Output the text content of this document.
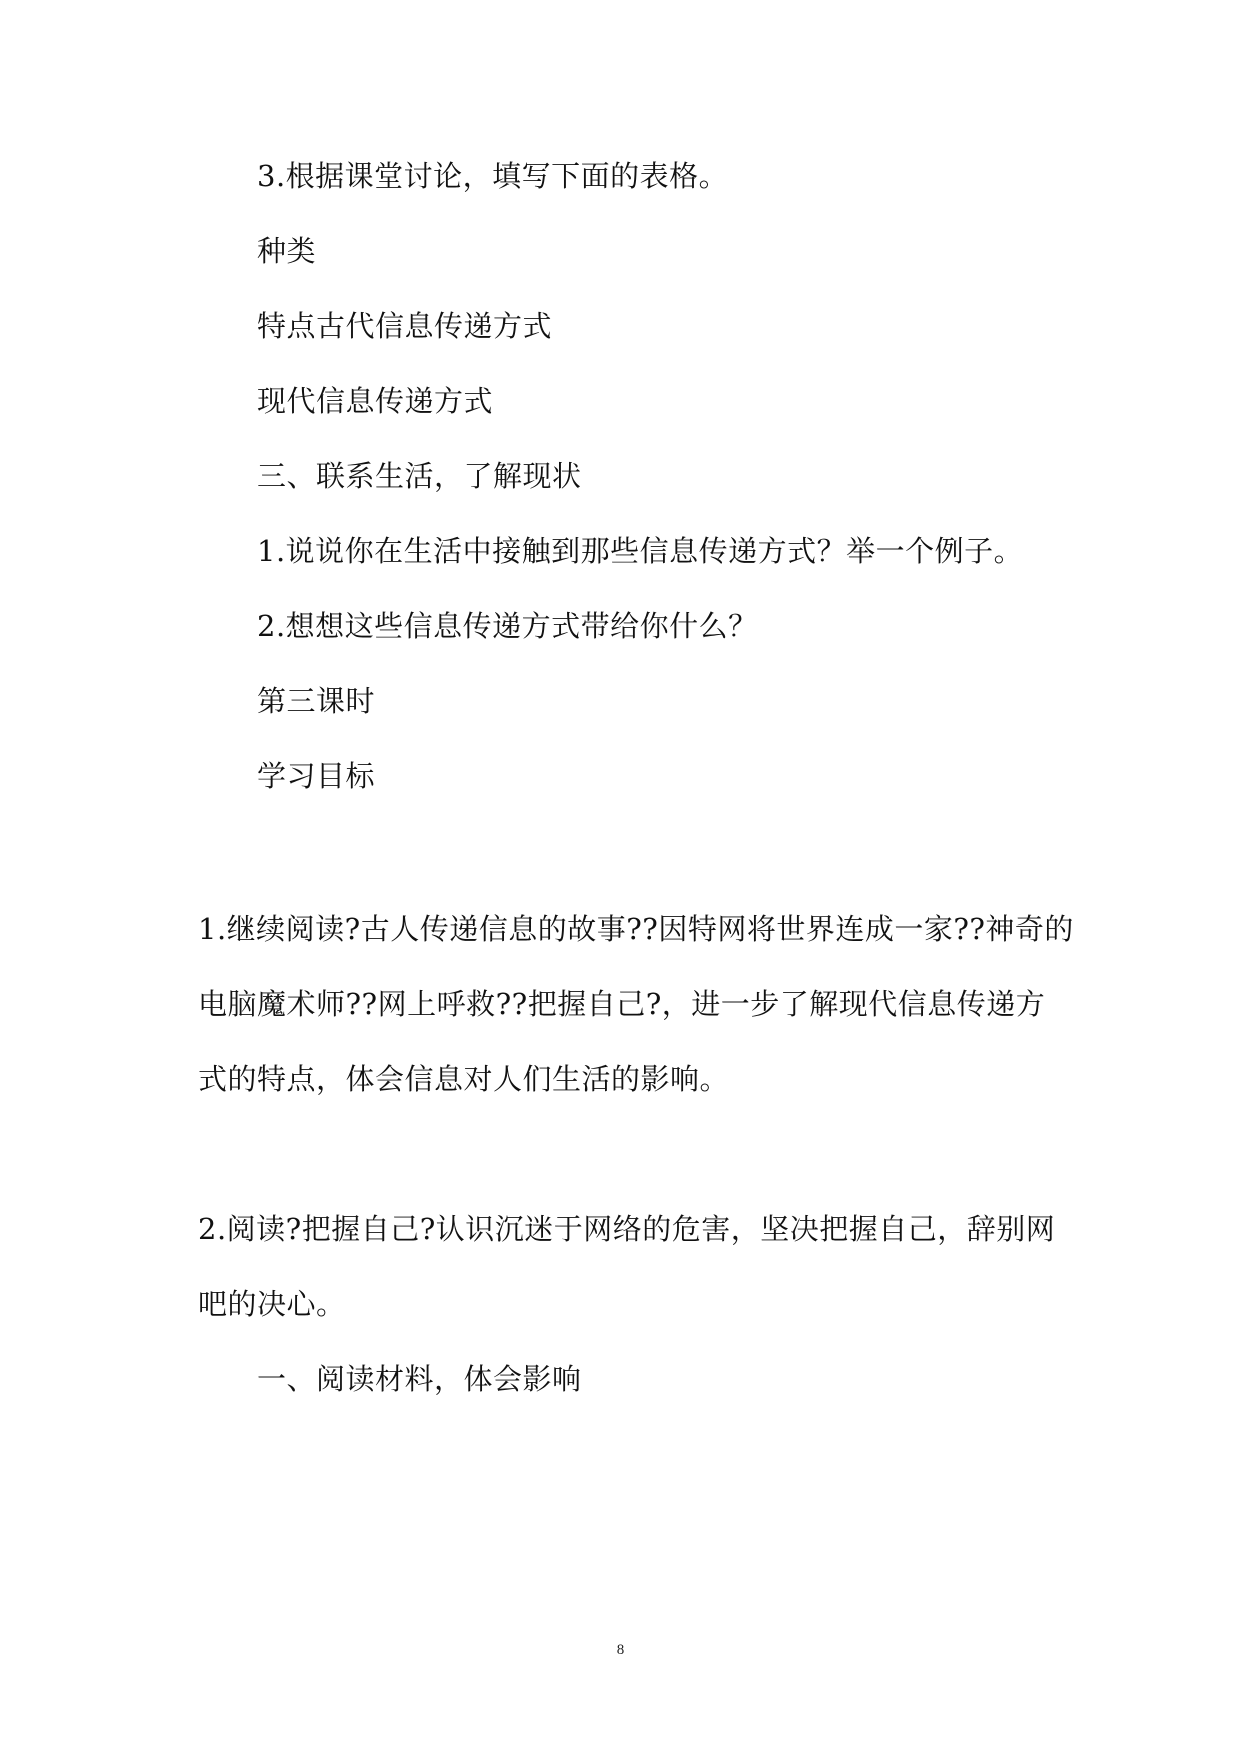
3.根据课堂讨论，填写下面的表格。
种类
特点古代信息传递方式
现代信息传递方式
三、联系生活，了解现状
1.说说你在生活中接触到那些信息传递方式？举一个例子。
2.想想这些信息传递方式带给你什么？
第三课时
学习目标
1.继续阅读?古人传递信息的故事??因特网将世界连成一家??神奇的
电脑魔术师??网上呼救??把握自己?，进一步了解现代信息传递方
式的特点，体会信息对人们生活的影响。
2.阅读?把握自己?认识沉迷于网络的危害，坚决把握自己，辞别网
吧的决心。
一、阅读材料，体会影响
8
